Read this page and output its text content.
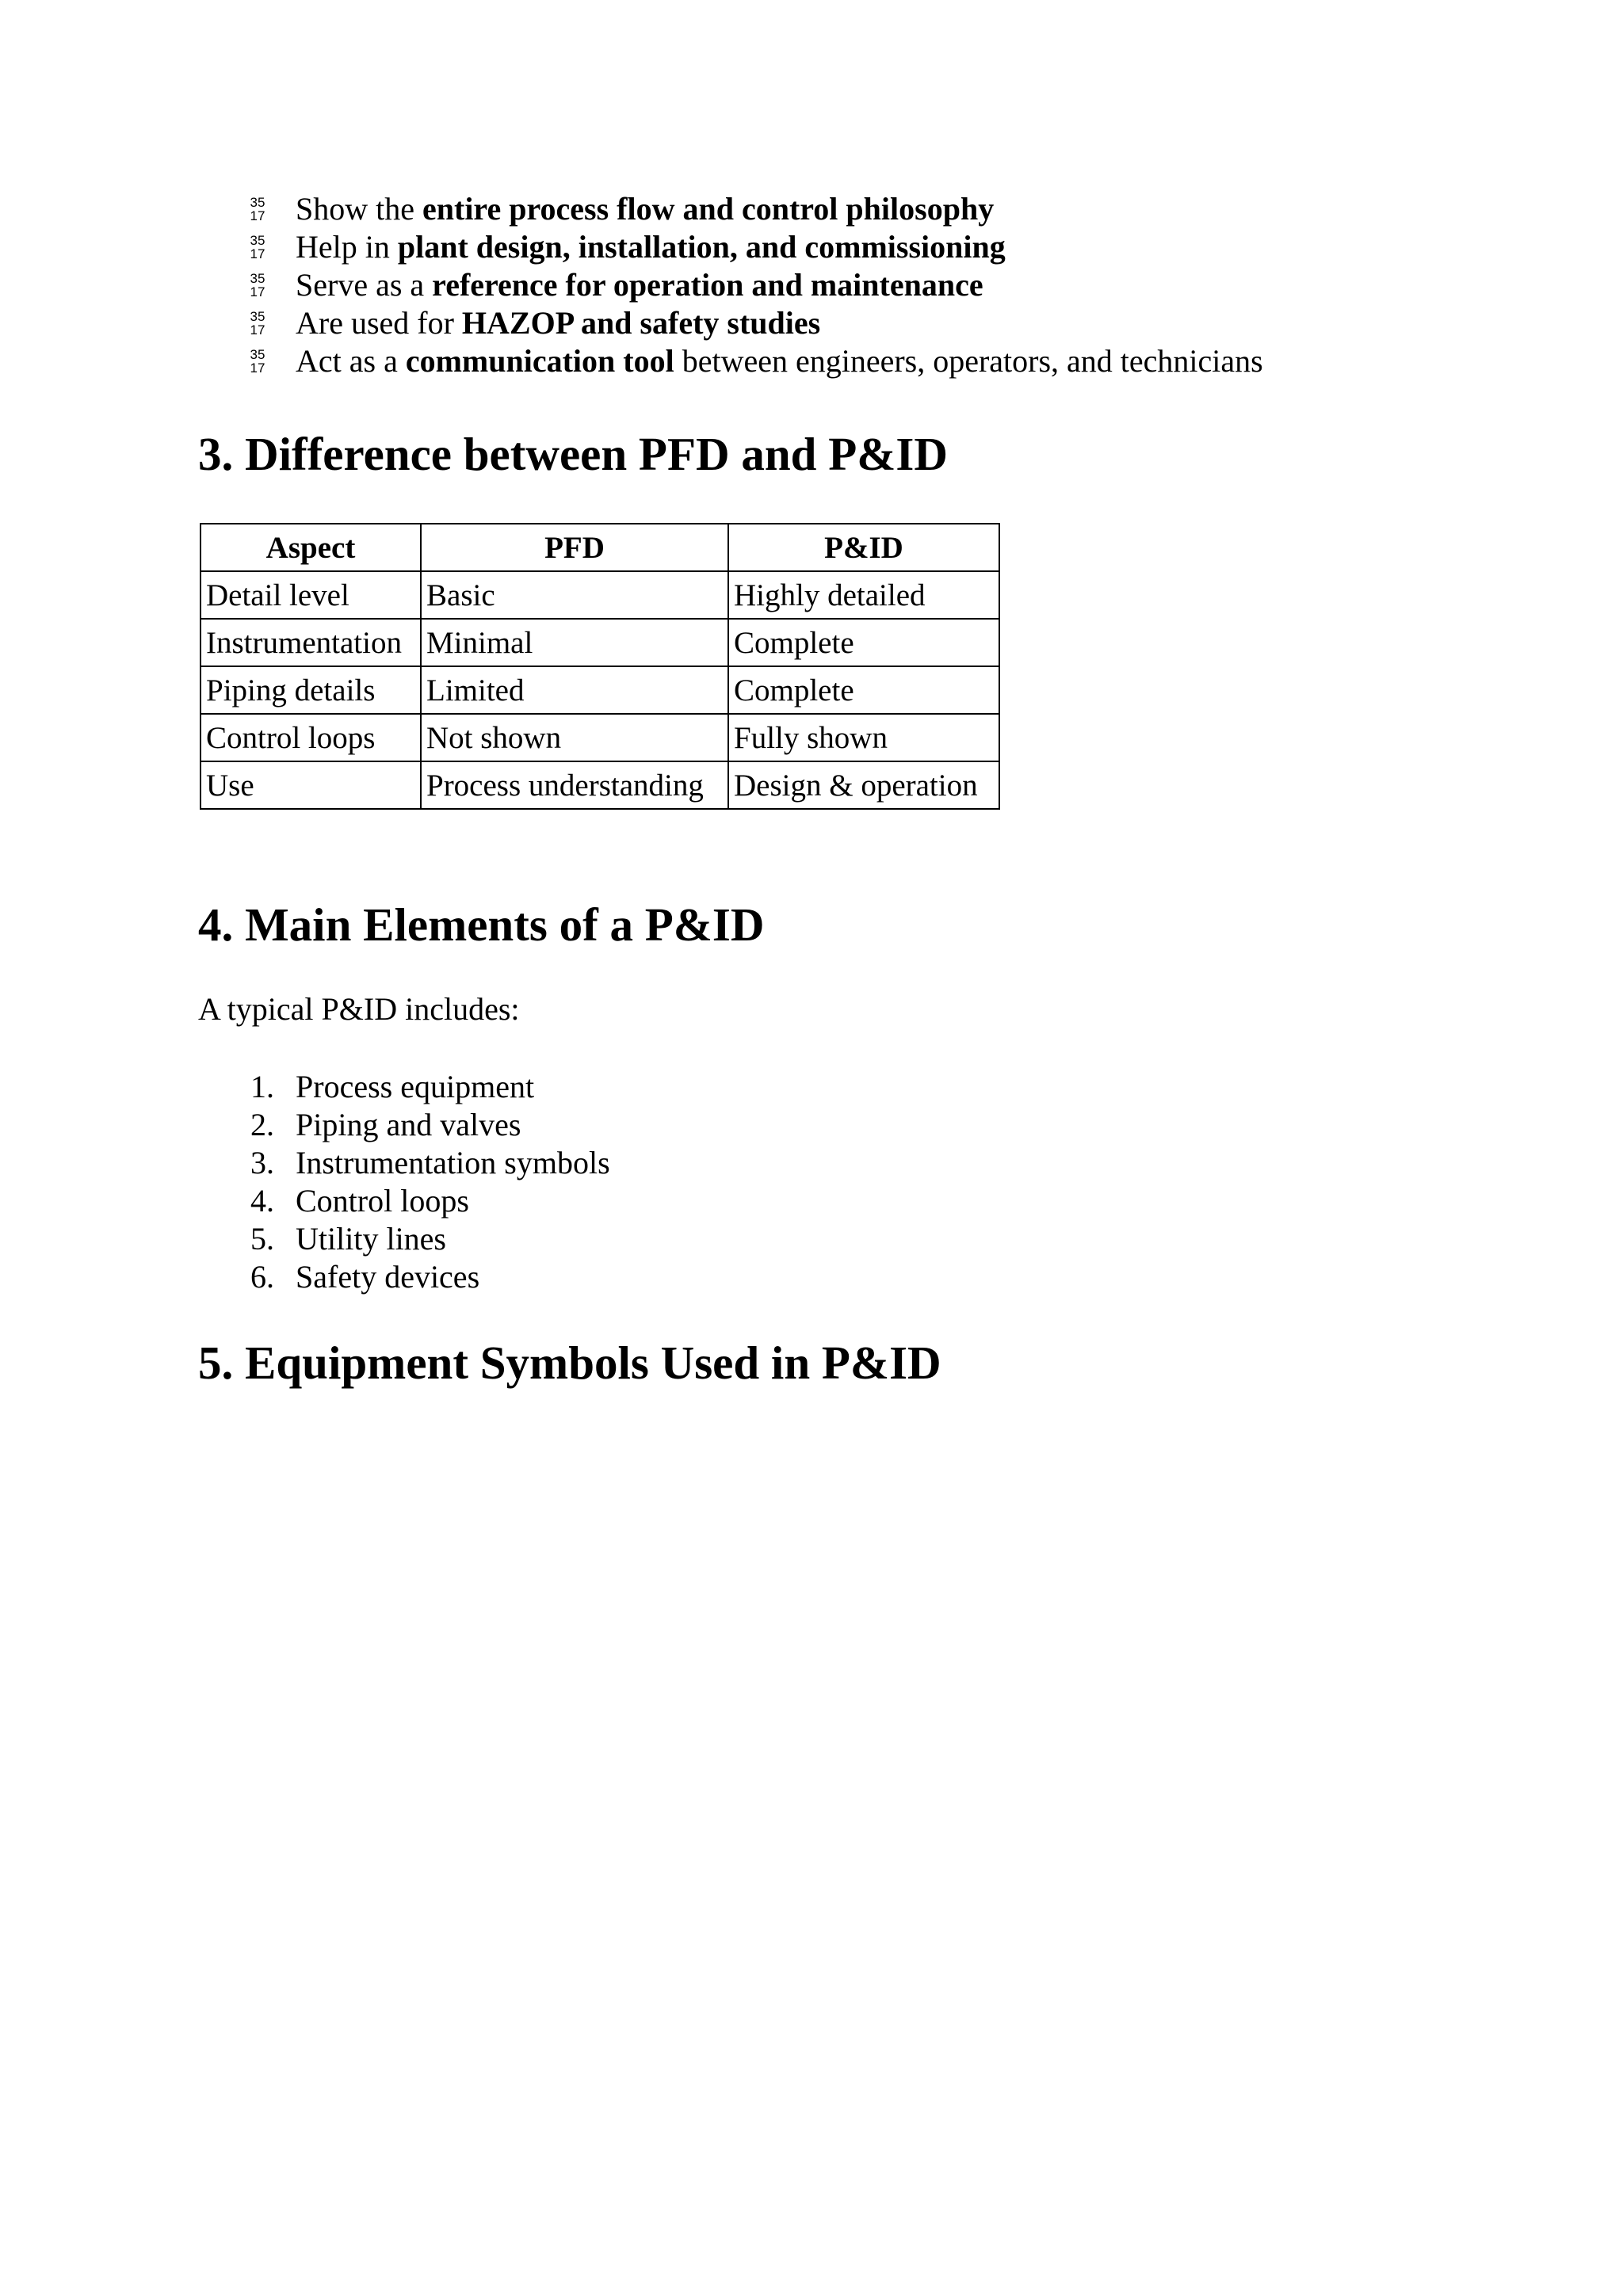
35
17 Show the entire process flow and control philosophy
35
17 Help in plant design, installation, and commissioning
35
17 Serve as a reference for operation and maintenance
35
17 Are used for HAZOP and safety studies
35
17 Act as a communication tool between engineers, operators, and technicians
3. Difference between PFD and P&ID
Aspect	PFD	P&ID
Detail level	Basic	Highly detailed
Instrumentation	Minimal	Complete
Piping details	Limited	Complete
Control loops	Not shown	Fully shown
Use	Process understanding	Design & operation
4. Main Elements of a P&ID

A typical P&ID includes:

1. Process equipment
2. Piping and valves
3. Instrumentation symbols
4. Control loops
5. Utility lines
6. Safety devices
5. Equipment Symbols Used in P&ID
